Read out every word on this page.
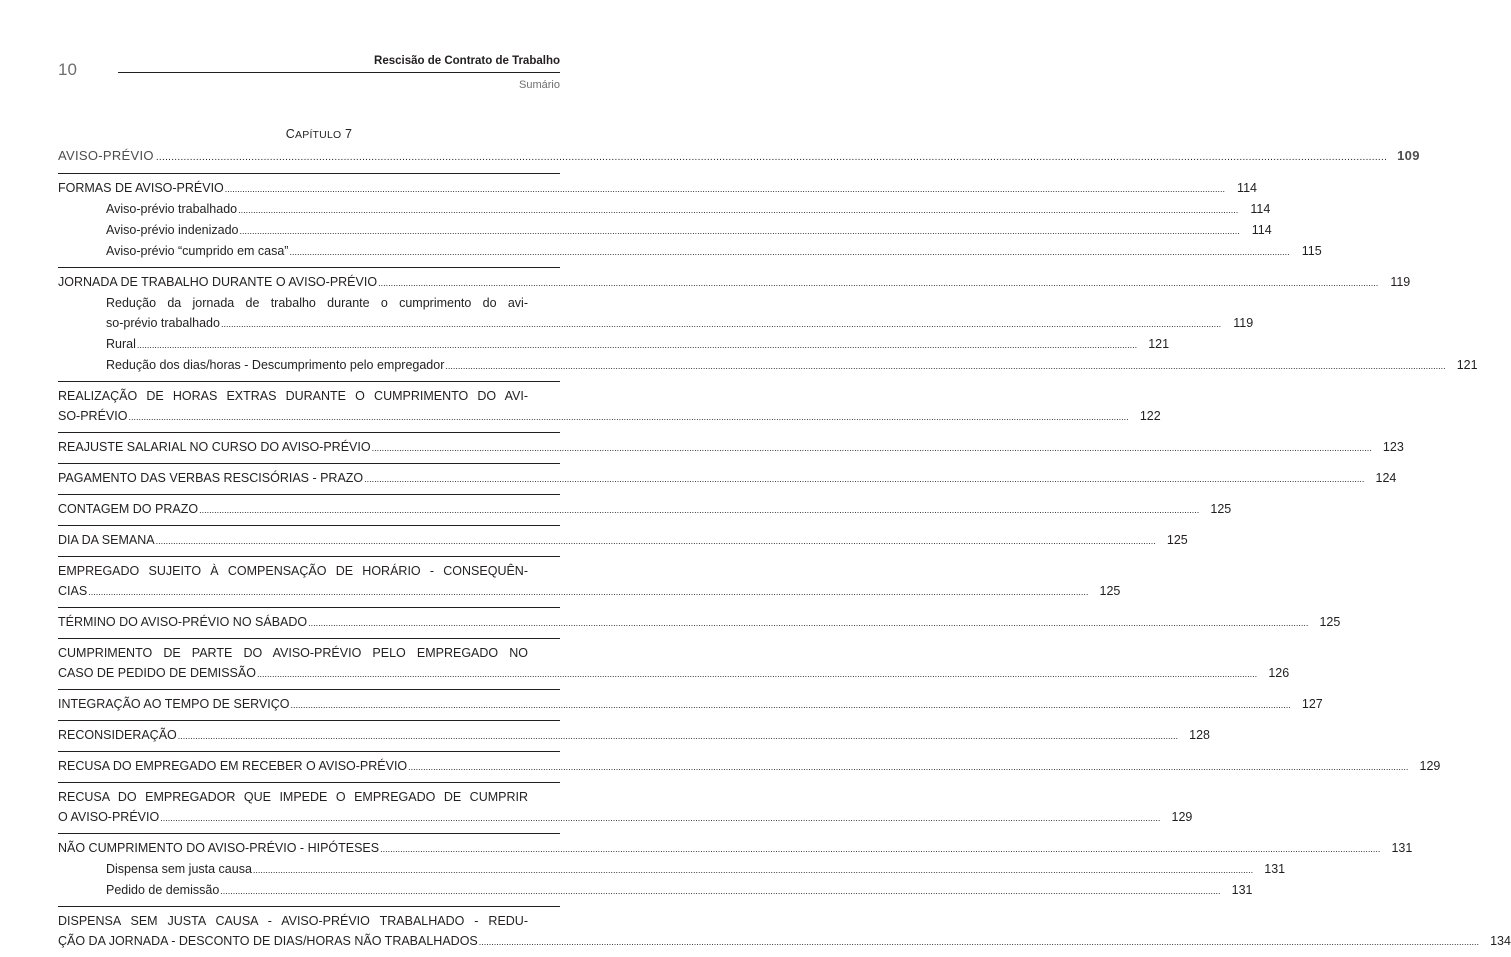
10	Rescisão de Contrato de Trabalho
Sumário
CAPÍTULO 7
AVISO-PRÉVIO ................................................................................................................................................................................................................................................................................................................................................................................................................ 109
FORMAS DE AVISO-PRÉVIO ................................................................................................................................................................................................................................................................................................................................................................................................................ 114
Aviso-prévio trabalhado ................................................................................................................................................................................................................................................................................................................................................................................................................ 114
Aviso-prévio indenizado ................................................................................................................................................................................................................................................................................................................................................................................................................ 114
Aviso-prévio “cumprido em casa” ................................................................................................................................................................................................................................................................................................................................................................................................................ 115
JORNADA DE TRABALHO DURANTE O AVISO-PRÉVIO ................................................................................................................................................................................................................................................................................................................................................................................................................ 119
Redução da jornada de trabalho durante o cumprimento do avi-
so-prévio trabalhado ................................................................................................................................................................................................................................................................................................................................................................................................................ 119
Rural ................................................................................................................................................................................................................................................................................................................................................................................................................ 121
Redução dos dias/horas - Descumprimento pelo empregador ................................................................................................................................................................................................................................................................................................................................................................................................................ 121
REALIZAÇÃO DE HORAS EXTRAS DURANTE O CUMPRIMENTO DO AVI-
SO-PRÉVIO ................................................................................................................................................................................................................................................................................................................................................................................................................ 122
REAJUSTE SALARIAL NO CURSO DO AVISO-PRÉVIO ................................................................................................................................................................................................................................................................................................................................................................................................................ 123
PAGAMENTO DAS VERBAS RESCISÓRIAS - PRAZO ................................................................................................................................................................................................................................................................................................................................................................................................................ 124
CONTAGEM DO PRAZO ................................................................................................................................................................................................................................................................................................................................................................................................................ 125
DIA DA SEMANA ................................................................................................................................................................................................................................................................................................................................................................................................................ 125
EMPREGADO SUJEITO À COMPENSAÇÃO DE HORÁRIO - CONSEQUÊN-
CIAS ................................................................................................................................................................................................................................................................................................................................................................................................................ 125
TÉRMINO DO AVISO-PRÉVIO NO SÁBADO ................................................................................................................................................................................................................................................................................................................................................................................................................ 125
CUMPRIMENTO DE PARTE DO AVISO-PRÉVIO PELO EMPREGADO NO
CASO DE PEDIDO DE DEMISSÃO ................................................................................................................................................................................................................................................................................................................................................................................................................ 126
INTEGRAÇÃO AO TEMPO DE SERVIÇO ................................................................................................................................................................................................................................................................................................................................................................................................................ 127
RECONSIDERAÇÃO ................................................................................................................................................................................................................................................................................................................................................................................................................ 128
RECUSA DO EMPREGADO EM RECEBER O AVISO-PRÉVIO ................................................................................................................................................................................................................................................................................................................................................................................................................ 129
RECUSA DO EMPREGADOR QUE IMPEDE O EMPREGADO DE CUMPRIR
O AVISO-PRÉVIO ................................................................................................................................................................................................................................................................................................................................................................................................................ 129
NÃO CUMPRIMENTO DO AVISO-PRÉVIO - HIPÓTESES ................................................................................................................................................................................................................................................................................................................................................................................................................ 131
Dispensa sem justa causa ................................................................................................................................................................................................................................................................................................................................................................................................................ 131
Pedido de demissão ................................................................................................................................................................................................................................................................................................................................................................................................................ 131
DISPENSA SEM JUSTA CAUSA - AVISO-PRÉVIO TRABALHADO - REDU-
ÇÃO DA JORNADA - DESCONTO DE DIAS/HORAS NÃO TRABALHADOS ................................................................................................................................................................................................................................................................................................................................................................................................................ 134
